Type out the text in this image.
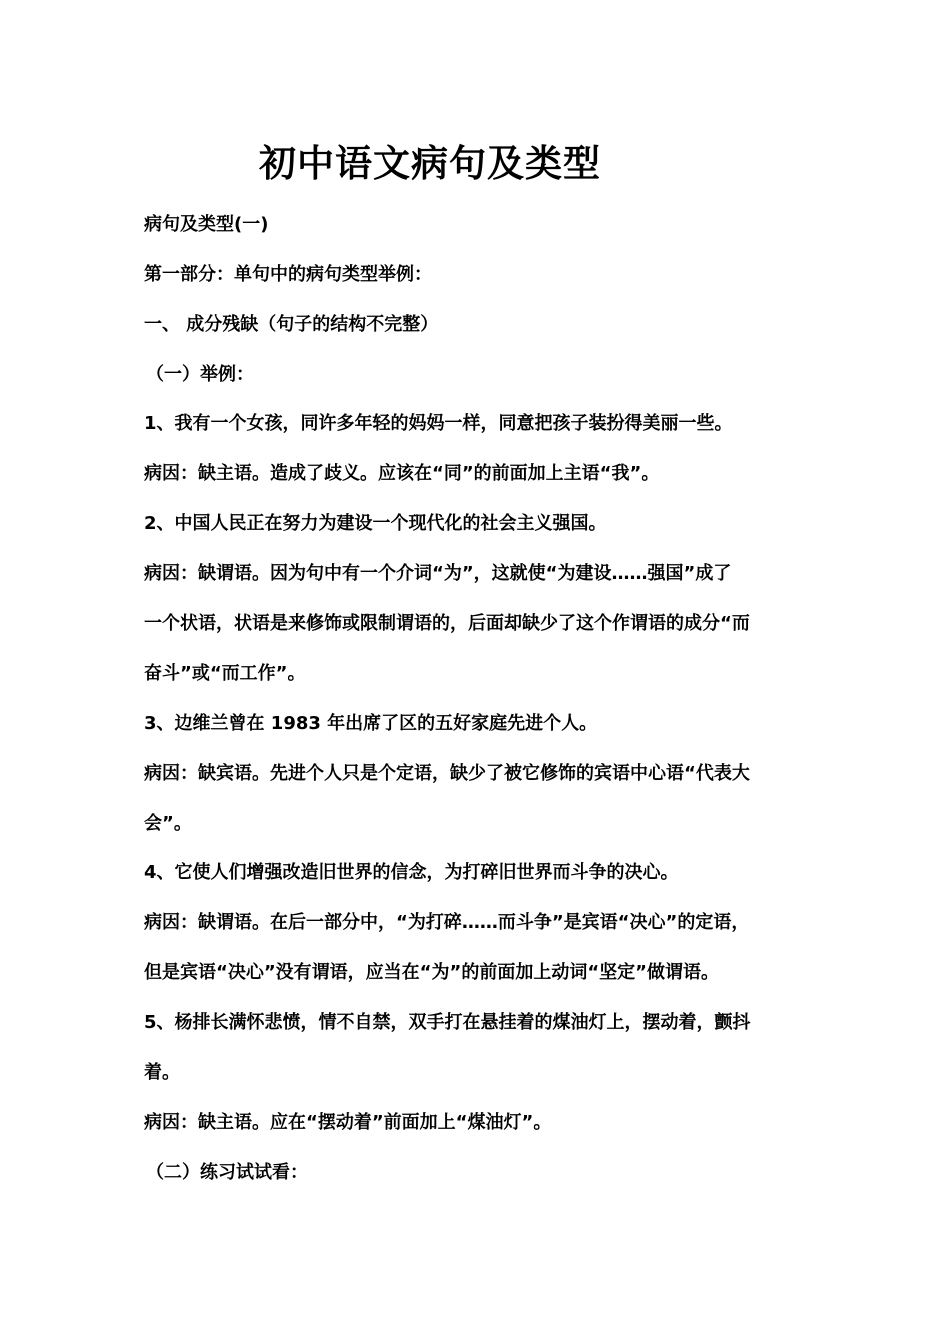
初中语文病句及类型
病句及类型(一)
第一部分：单句中的病句类型举例：
一、 成分残缺（句子的结构不完整）
（一）举例：
1、我有一个女孩，同许多年轻的妈妈一样，同意把孩子装扮得美丽一些。
病因：缺主语。造成了歧义。应该在“同”的前面加上主语“我”。
2、中国人民正在努力为建设一个现代化的社会主义强国。
病因：缺谓语。因为句中有一个介词“为”，这就使“为建设……强国”成了
一个状语，状语是来修饰或限制谓语的，后面却缺少了这个作谓语的成分“而
奋斗”或“而工作”。
3、边维兰曾在 1983 年出席了区的五好家庭先进个人。
病因：缺宾语。先进个人只是个定语，缺少了被它修饰的宾语中心语“代表大
会”。
4、它使人们增强改造旧世界的信念，为打碎旧世界而斗争的决心。
病因：缺谓语。在后一部分中，“为打碎……而斗争”是宾语“决心”的定语，
但是宾语“决心”没有谓语，应当在“为”的前面加上动词“坚定”做谓语。
5、杨排长满怀悲愤，情不自禁，双手打在悬挂着的煤油灯上，摆动着，颤抖
着。
病因：缺主语。应在“摆动着”前面加上“煤油灯”。
（二）练习试试看：
